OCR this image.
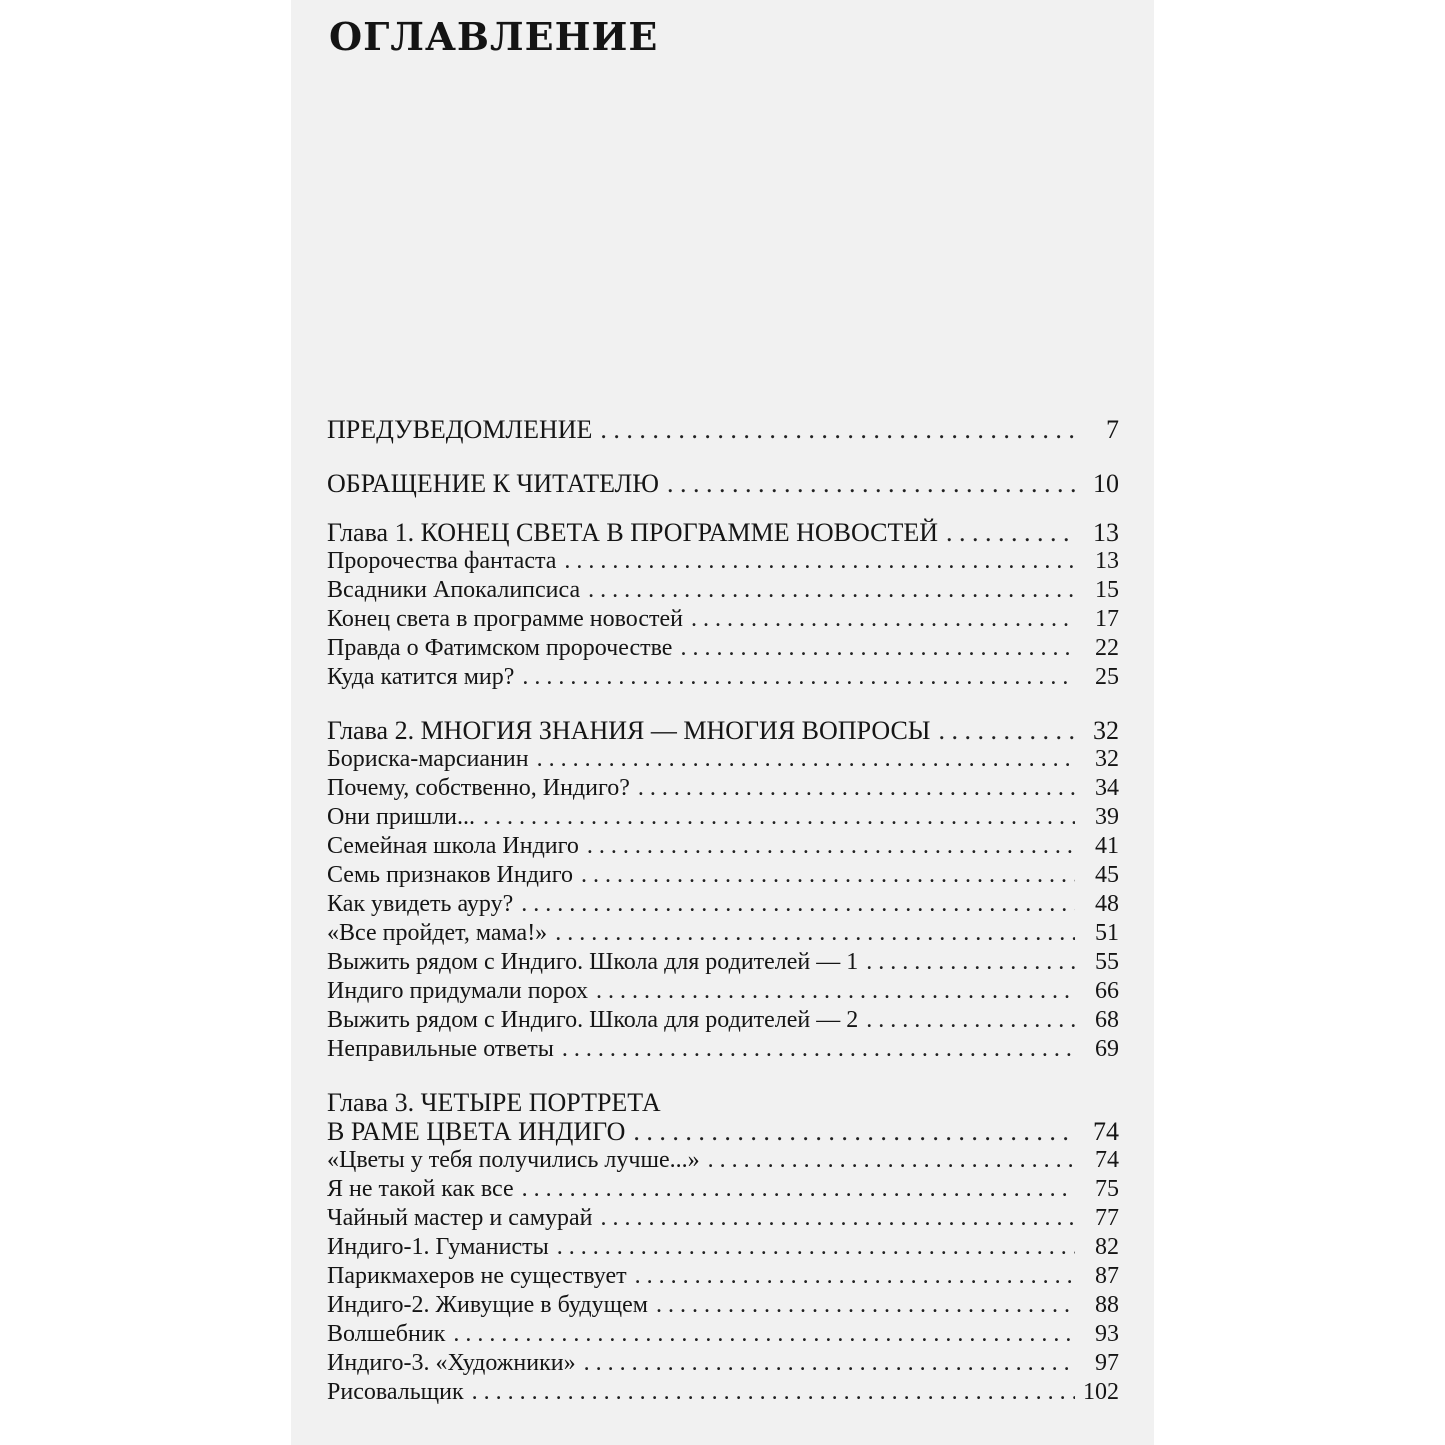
ОГЛАВЛЕНИЕ
ПРЕДУВЕДОМЛЕНИЕ . . .	7
ОБРАЩЕНИЕ К ЧИТАТЕЛЮ . . .	10
Глава 1. КОНЕЦ СВЕТА В ПРОГРАММЕ НОВОСТЕЙ . . .	13
Пророчества фантаста . . .	13
Всадники Апокалипсиса . . .	15
Конец света в программе новостей . . .	17
Правда о Фатимском пророчестве . . .	22
Куда катится мир? . . .	25
Глава 2. МНОГИЯ ЗНАНИЯ — МНОГИЯ ВОПРОСЫ . . .	32
Бориска-марсианин . . .	32
Почему, собственно, Индиго? . . .	34
Они пришли... . . .	39
Семейная школа Индиго . . .	41
Семь признаков Индиго . . .	45
Как увидеть ауру? . . .	48
«Все пройдет, мама!» . . .	51
Выжить рядом с Индиго. Школа для родителей — 1 . . .	55
Индиго придумали порох . . .	66
Выжить рядом с Индиго. Школа для родителей — 2 . . .	68
Неправильные ответы . . .	69
Глава 3. ЧЕТЫРЕ ПОРТРЕТА
В РАМЕ ЦВЕТА ИНДИГО . . .	74
«Цветы у тебя получились лучше...» . . .	74
Я не такой как все . . .	75
Чайный мастер и самурай . . .	77
Индиго-1. Гуманисты . . .	82
Парикмахеров не существует . . .	87
Индиго-2. Живущие в будущем . . .	88
Волшебник . . .	93
Индиго-3. «Художники» . . .	97
Рисовальщик . . .	102
